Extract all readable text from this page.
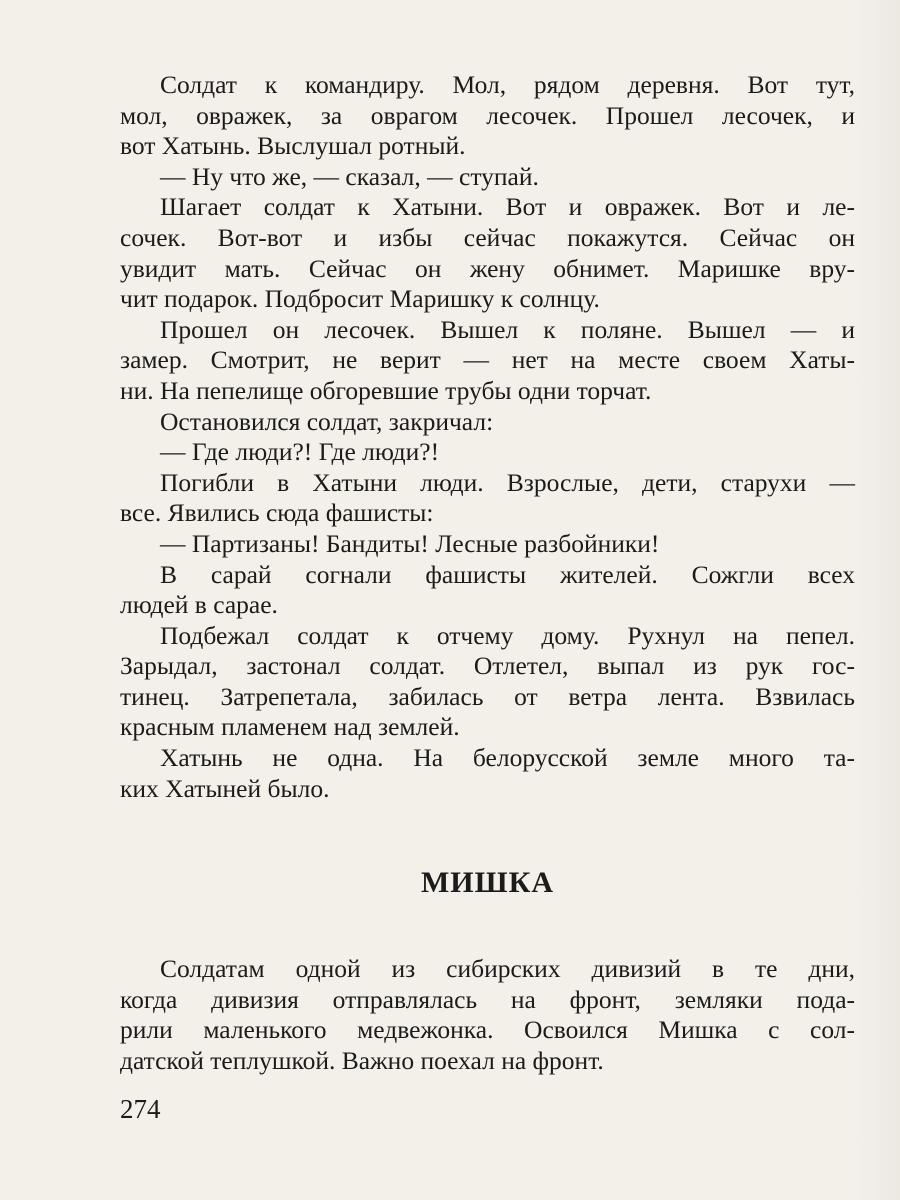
Солдат к командиру. Мол, рядом деревня. Вот тут,
мол, овражек, за оврагом лесочек. Прошел лесочек, и
вот Хатынь. Выслушал ротный.
— Ну что же, — сказал, — ступай.
Шагает солдат к Хатыни. Вот и овражек. Вот и ле-
сочек. Вот-вот и избы сейчас покажутся. Сейчас он
увидит мать. Сейчас он жену обнимет. Маришке вру-
чит подарок. Подбросит Маришку к солнцу.
Прошел он лесочек. Вышел к поляне. Вышел — и
замер. Смотрит, не верит — нет на месте своем Хаты-
ни. На пепелище обгоревшие трубы одни торчат.
Остановился солдат, закричал:
— Где люди?! Где люди?!
Погибли в Хатыни люди. Взрослые, дети, старухи —
все. Явились сюда фашисты:
— Партизаны! Бандиты! Лесные разбойники!
В сарай согнали фашисты жителей. Сожгли всех
людей в сарае.
Подбежал солдат к отчему дому. Рухнул на пепел.
Зарыдал, застонал солдат. Отлетел, выпал из рук гос-
тинец. Затрепетала, забилась от ветра лента. Взвилась
красным пламенем над землей.
Хатынь не одна. На белорусской земле много та-
ких Хатыней было.
МИШКА
Солдатам одной из сибирских дивизий в те дни,
когда дивизия отправлялась на фронт, земляки пода-
рили маленького медвежонка. Освоился Мишка с сол-
датской теплушкой. Важно поехал на фронт.
274
